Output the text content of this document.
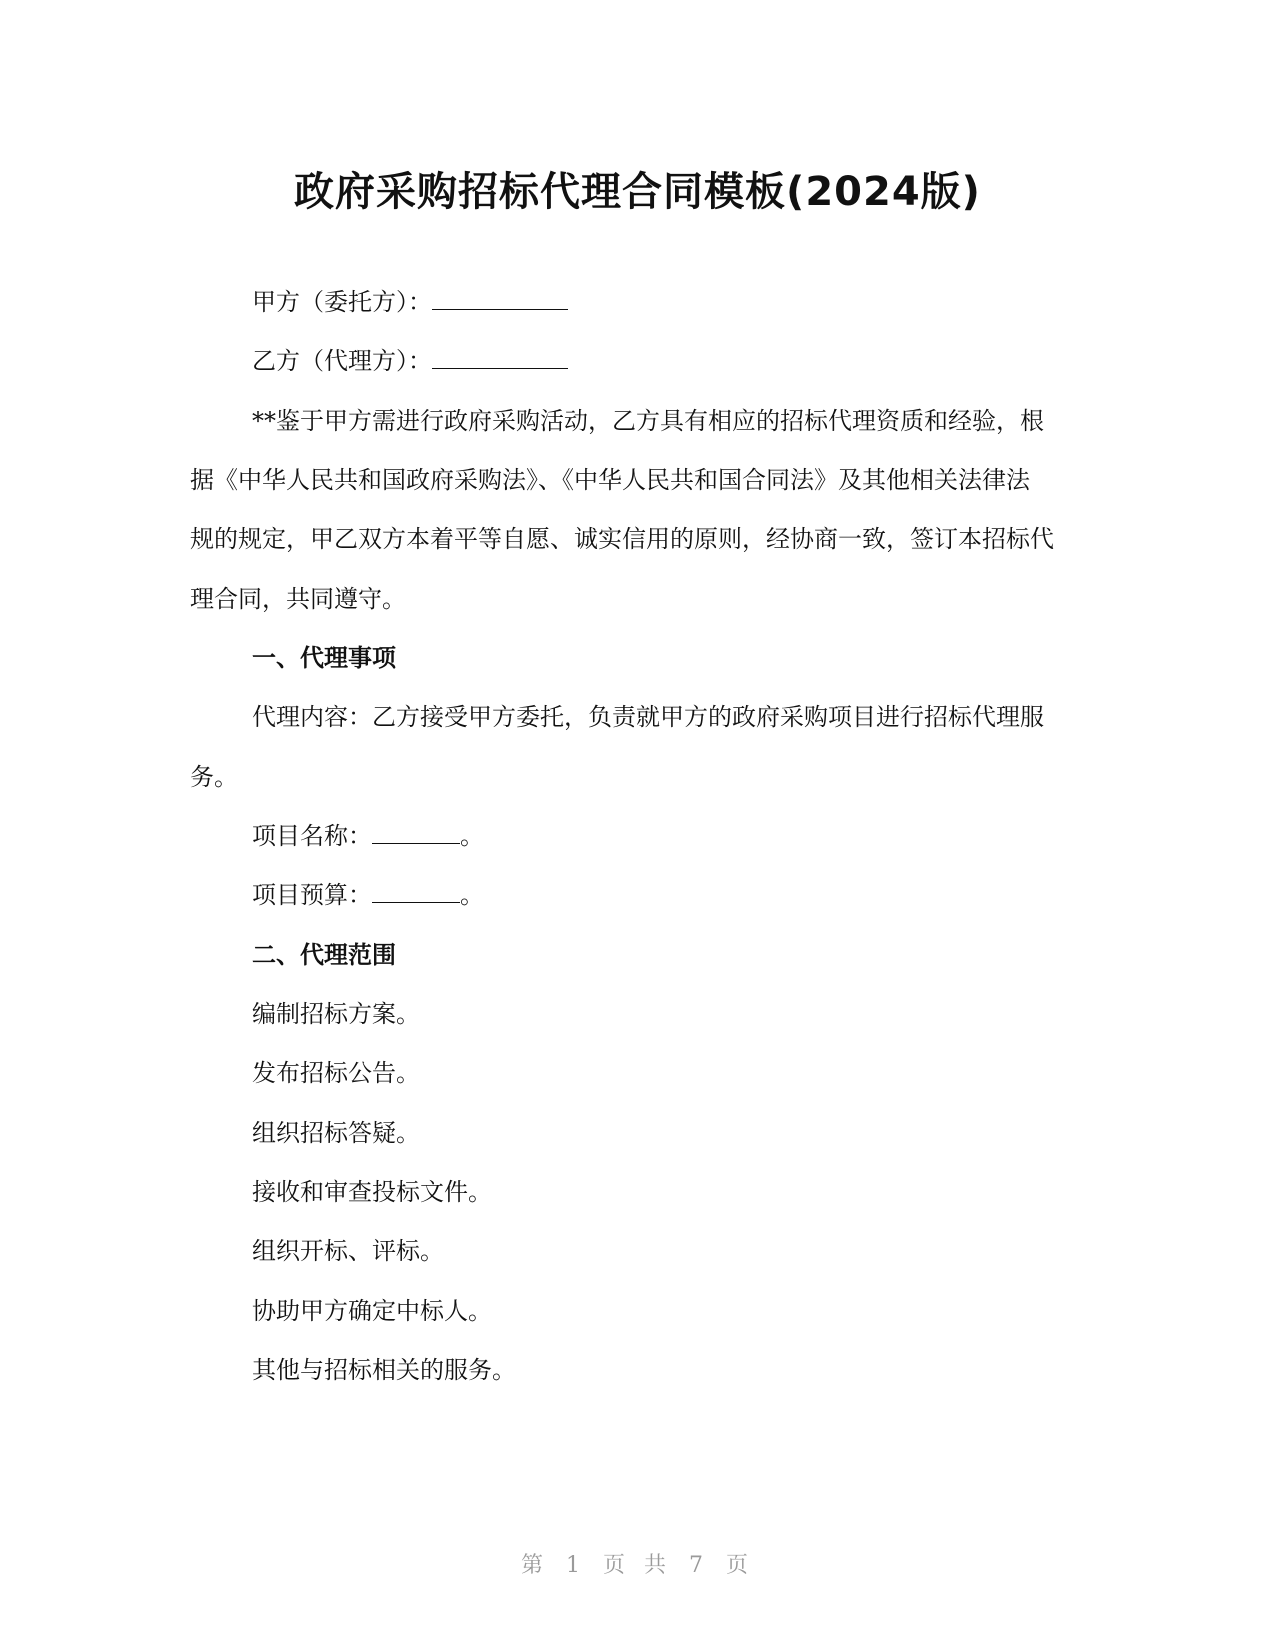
政府采购招标代理合同模板(2024版)
甲方（委托方）：
乙方（代理方）：
**鉴于甲方需进行政府采购活动，乙方具有相应的招标代理资质和经验，根
据《中华人民共和国政府采购法》、《中华人民共和国合同法》及其他相关法律法
规的规定，甲乙双方本着平等自愿、诚实信用的原则，经协商一致，签订本招标代
理合同，共同遵守。
一、代理事项
代理内容：乙方接受甲方委托，负责就甲方的政府采购项目进行招标代理服
务。
项目名称：	。
项目预算：	。
二、代理范围
编制招标方案。
发布招标公告。
组织招标答疑。
接收和审查投标文件。
组织开标、评标。
协助甲方确定中标人。
其他与招标相关的服务。
第 1 页 共 7 页
